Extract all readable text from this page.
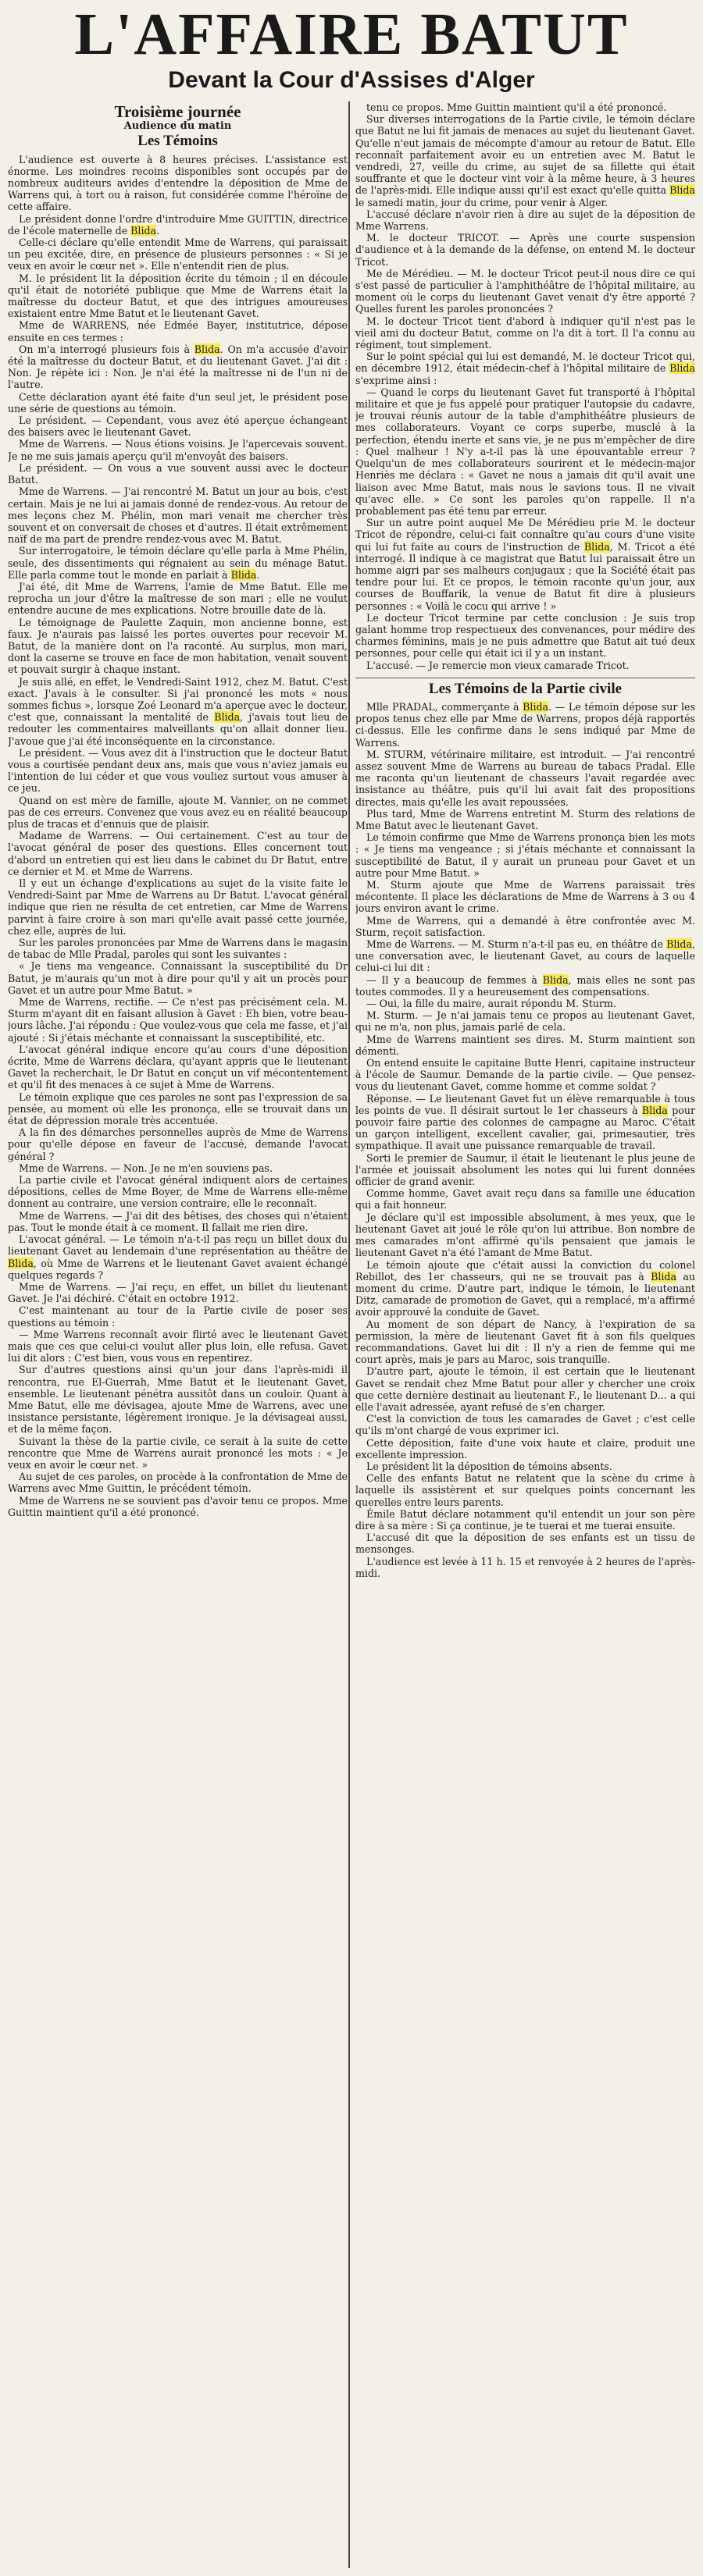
L'AFFAIRE BATUT
Devant la Cour d'Assises d'Alger
Troisième journée
Audience du matin
Les Témoins

L'audience est ouverte à 8 heures précises. L'assistance est énorme. Les moindres recoins disponibles sont occupés par de nombreux auditeurs avides d'entendre la déposition de Mme de Warrens qui, à tort ou à raison, fut considérée comme l'héroïne de cette affaire.

Le président donne l'ordre d'introduire Mme GUITTIN, directrice de l'école maternelle de Blida.

Celle-ci déclare qu'elle entendit Mme de Warrens, qui paraissait un peu excitée, dire, en présence de plusieurs personnes : « Si je veux en avoir le cœur net ». Elle n'entendit rien de plus.

M. le président lit la déposition écrite du témoin ; il en découle qu'il était de notoriété publique que Mme de Warrens était la maîtresse du docteur Batut, et que des intrigues amoureuses existaient entre Mme Batut et le lieutenant Gavet.

Mme de WARRENS, née Edmée Bayer, institutrice, dépose ensuite en ces termes :

On m'a interrogé plusieurs fois à Blida. On m'a accusée d'avoir été la maîtresse du docteur Batut, et du lieutenant Gavet. J'ai dit : Non. Je répète ici : Non. Je n'ai été la maîtresse ni de l'un ni de l'autre.

Cette déclaration ayant été faite d'un seul jet, le président pose une série de questions au témoin.

Le président. — Cependant, vous avez été aperçue échangeant des baisers avec le lieutenant Gavet.

Mme de Warrens. — Nous étions voisins. Je l'apercevais souvent. Je ne me suis jamais aperçu qu'il m'envoyât des baisers.

Le président. — On vous a vue souvent aussi avec le docteur Batut.

Mme de Warrens. — J'ai rencontré M. Batut un jour au bois, c'est certain. Mais je ne lui ai jamais donné de rendez-vous. Au retour de mes leçons chez M. Phélin, mon mari venait me chercher très souvent et on conversait de choses et d'autres. Il était extrêmement naïf de ma part de prendre rendez-vous avec M. Batut.

Sur interrogatoire, le témoin déclare qu'elle parla à Mme Phélin, seule, des dissentiments qui régnaient au sein du ménage Batut. Elle parla comme tout le monde en parlait à Blida.

J'ai été, dit Mme de Warrens, l'amie de Mme Batut. Elle me reprocha un jour d'être la maîtresse de son mari ; elle ne voulut entendre aucune de mes explications. Notre brouille date de là.

Le témoignage de Paulette Zaquin, mon ancienne bonne, est faux. Je n'aurais pas laissé les portes ouvertes pour recevoir M. Batut, de la manière dont on l'a raconté. Au surplus, mon mari, dont la caserne se trouve en face de mon habitation, venait souvent et pouvait surgir à chaque instant.

Je suis allé, en effet, le Vendredi-Saint 1912, chez M. Batut. C'est exact. J'avais à le consulter. Si j'ai prononcé les mots « nous sommes fichus », lorsque Zoé Leonard m'a aperçue avec le docteur, c'est que, connaissant la mentalité de Blida, j'avais tout lieu de redouter les commentaires malveillants qu'on allait donner lieu. J'avoue que j'ai été inconséquente en la circonstance.

Le président. — Vous avez dit à l'instruction que le docteur Batut vous a courtisée pendant deux ans, mais que vous n'aviez jamais eu l'intention de lui céder et que vous vouliez surtout vous amuser à ce jeu.

Quand on est mère de famille, ajoute M. Vannier, on ne commet pas de ces erreurs. Convenez que vous avez eu en réalité beaucoup plus de tracas et d'ennuis que de plaisir.

Madame de Warrens. — Oui certainement. C'est au tour de l'avocat général de poser des questions. Elles concernent tout d'abord un entretien qui est lieu dans le cabinet du Dr Batut, entre ce dernier et M. et Mme de Warrens.

Il y eut un échange d'explications au sujet de la visite faite le Vendredi-Saint par Mme de Warrens au Dr Batut. L'avocat général indique que rien ne résulta de cet entretien, car Mme de Warrens parvint à faire croire à son mari qu'elle avait passé cette journée, chez elle, auprès de lui.

Sur les paroles prononcées par Mme de Warrens dans le magasin de tabac de Mlle Pradal, paroles qui sont les suivantes :

« Je tiens ma vengeance. Connaissant la susceptibilité du Dr Batut, je m'aurais qu'un mot à dire pour qu'il y ait un procès pour Gavet et un autre pour Mme Batut. »

Mme de Warrens, rectifie. — Ce n'est pas précisément cela. M. Sturm m'ayant dit en faisant allusion à Gavet : Eh bien, votre beau-jours lâche. J'ai répondu : Que voulez-vous que cela me fasse, et j'ai ajouté : Si j'étais méchante et connaissant la susceptibilité, etc.

L'avocat général indique encore qu'au cours d'une déposition écrite, Mme de Warrens déclara, qu'ayant appris que le lieutenant Gavet la recherchait, le Dr Batut en conçut un vif mécontentement et qu'il fit des menaces à ce sujet à Mme de Warrens.

Le témoin explique que ces paroles ne sont pas l'expression de sa pensée, au moment où elle les prononça, elle se trouvait dans un état de dépression morale très accentuée.

A la fin des démarches personnelles auprès de Mme de Warrens pour qu'elle dépose en faveur de l'accusé, demande l'avocat général ?

Mme de Warrens. — Non. Je ne m'en souviens pas.

La partie civile et l'avocat général indiquent alors de certaines dépositions, celles de Mme Boyer, de Mme de Warrens elle-même donnent au contraire, une version contraire, elle le reconnaît.

Mme de Warrens. — J'ai dit des bêtises, des choses qui n'étaient pas. Tout le monde était à ce moment. Il fallait me rien dire.

L'avocat général. — Le témoin n'a-t-il pas reçu un billet doux du lieutenant Gavet au lendemain d'une représentation au théâtre de Blida, où Mme de Warrens et le lieutenant Gavet avaient échangé quelques regards ?

Mme de Warrens. — J'ai reçu, en effet, un billet du lieutenant Gavet. Je l'ai déchiré. C'était en octobre 1912.

C'est maintenant au tour de la Partie civile de poser ses questions au témoin :

— Mme Warrens reconnaît avoir flirté avec le lieutenant Gavet mais que ces que celui-ci voulut aller plus loin, elle refusa. Gavet lui dit alors : C'est bien, vous vous en repentirez.

Sur d'autres questions ainsi qu'un jour dans l'après-midi il rencontra, rue El-Guerrah, Mme Batut et le lieutenant Gavet, ensemble. Le lieutenant pénétra aussitôt dans un couloir. Quant à Mme Batut, elle me dévisagea, ajoute Mme de Warrens, avec une insistance persistante, légèrement ironique. Je la dévisageai aussi, et de la même façon.

Suivant la thèse de la partie civile, ce serait à la suite de cette rencontre que Mme de Warrens aurait prononcé les mots : « Je veux en avoir le cœur net. »

Au sujet de ces paroles, on procède à la confrontation de Mme de Warrens avec Mme Guittin, le précédent témoin.

Mme de Warrens ne se souvient pas d'avoir tenu ce propos. Mme Guittin maintient qu'il a été prononcé.

tenu ce propos. Mme Guittin maintient qu'il a été prononcé.

Sur diverses interrogations de la Partie civile, le témoin déclare que Batut ne lui fit jamais de menaces au sujet du lieutenant Gavet. Qu'elle n'eut jamais de mécompte d'amour au retour de Batut. Elle reconnaît parfaitement avoir eu un entretien avec M. Batut le vendredi, 27, veille du crime, au sujet de sa fillette qui était souffrante et que le docteur vint voir à la même heure, à 3 heures de l'après-midi. Elle indique aussi qu'il est exact qu'elle quitta Blida le samedi matin, jour du crime, pour venir à Alger.

L'accusé déclare n'avoir rien à dire au sujet de la déposition de Mme Warrens.

M. le docteur TRICOT. — Après une courte suspension d'audience et à la demande de la défense, on entend M. le docteur Tricot.

Me de Mérédieu. — M. le docteur Tricot peut-il nous dire ce qui s'est passé de particulier à l'amphithéâtre de l'hôpital militaire, au moment où le corps du lieutenant Gavet venait d'y être apporté ? Quelles furent les paroles prononcées ?

M. le docteur Tricot tient d'abord à indiquer qu'il n'est pas le vieil ami du docteur Batut, comme on l'a dit à tort. Il l'a connu au régiment, tout simplement.

Sur le point spécial qui lui est demandé, M. le docteur Tricot qui, en décembre 1912, était médecin-chef à l'hôpital militaire de Blida s'exprime ainsi :

— Quand le corps du lieutenant Gavet fut transporté à l'hôpital militaire et que je fus appelé pour pratiquer l'autopsie du cadavre, je trouvai réunis autour de la table d'amphithéâtre plusieurs de mes collaborateurs. Voyant ce corps superbe, musclé à la perfection, étendu inerte et sans vie, je ne pus m'empêcher de dire : Quel malheur ! N'y a-t-il pas là une épouvantable erreur ? Quelqu'un de mes collaborateurs sourirent et le médecin-major Henriès me déclara : « Gavet ne nous a jamais dit qu'il avait une liaison avec Mme Batut, mais nous le savions tous. Il ne vivait qu'avec elle. » Ce sont les paroles qu'on rappelle. Il n'a probablement pas été tenu par erreur.

Sur un autre point auquel Me De Mérédieu prie M. le docteur Tricot de répondre, celui-ci fait connaître qu'au cours d'une visite qui lui fut faite au cours de l'instruction de Blida, M. Tricot a été interrogé. Il indique à ce magistrat que Batut lui paraissait être un homme aigri par ses malheurs conjugaux ; que la Société était pas tendre pour lui. Et ce propos, le témoin raconte qu'un jour, aux courses de Bouffarik, la venue de Batut fit dire à plusieurs personnes : « Voilà le cocu qui arrive ! »

Le docteur Tricot termine par cette conclusion : Je suis trop galant homme trop respectueux des convenances, pour médire des charmes féminins, mais je ne puis admettre que Batut ait tué deux personnes, pour celle qui était ici il y a un instant.

L'accusé. — Je remercie mon vieux camarade Tricot.

Les Témoins de la Partie civile

Mlle PRADAL, commerçante à Blida. — Le témoin dépose sur les propos tenus chez elle par Mme de Warrens, propos déjà rapportés ci-dessus. Elle les confirme dans le sens indiqué par Mme de Warrens.

M. STURM, vétérinaire militaire, est introduit. — J'ai rencontré assez souvent Mme de Warrens au bureau de tabacs Pradal. Elle me raconta qu'un lieutenant de chasseurs l'avait regardée avec insistance au théâtre, puis qu'il lui avait fait des propositions directes, mais qu'elle les avait repoussées.

Plus tard, Mme de Warrens entretint M. Sturm des relations de Mme Batut avec le lieutenant Gavet.

Le témoin confirme que Mme de Warrens prononça bien les mots : « Je tiens ma vengeance ; si j'étais méchante et connaissant la susceptibilité de Batut, il y aurait un pruneau pour Gavet et un autre pour Mme Batut. »

M. Sturm ajoute que Mme de Warrens paraissait très mécontente. Il place les déclarations de Mme de Warrens à 3 ou 4 jours environ avant le crime.

Mme de Warrens, qui a demandé à être confrontée avec M. Sturm, reçoit satisfaction.

Mme de Warrens. — M. Sturm n'a-t-il pas eu, en théâtre de Blida, une conversation avec, le lieutenant Gavet, au cours de laquelle celui-ci lui dit :

— Il y a beaucoup de femmes à Blida, mais elles ne sont pas toutes commodes. Il y a heureusement des compensations.

— Oui, la fille du maire, aurait répondu M. Sturm.

M. Sturm. — Je n'ai jamais tenu ce propos au lieutenant Gavet, qui ne m'a, non plus, jamais parlé de cela.

Mme de Warrens maintient ses dires. M. Sturm maintient son démenti.

On entend ensuite le capitaine Butte Henri, capitaine instructeur à l'école de Saumur. Demande de la partie civile. — Que pensez-vous du lieutenant Gavet, comme homme et comme soldat ?

Réponse. — Le lieutenant Gavet fut un élève remarquable à tous les points de vue. Il désirait surtout le 1er chasseurs à Blida pour pouvoir faire partie des colonnes de campagne au Maroc. C'était un garçon intelligent, excellent cavalier, gai, primesautier, très sympathique. Il avait une puissance remarquable de travail.

Sorti le premier de Saumur, il était le lieutenant le plus jeune de l'armée et jouissait absolument les notes qui lui furent données officier de grand avenir.

Comme homme, Gavet avait reçu dans sa famille une éducation qui a fait honneur.

Je déclare qu'il est impossible absolument, à mes yeux, que le lieutenant Gavet ait joué le rôle qu'on lui attribue. Bon nombre de mes camarades m'ont affirmé qu'ils pensaient que jamais le lieutenant Gavet n'a été l'amant de Mme Batut.

Le témoin ajoute que c'était aussi la conviction du colonel Rebillot, des 1er chasseurs, qui ne se trouvait pas à Blida au moment du crime. D'autre part, indique le témoin, le lieutenant Ditz, camarade de promotion de Gavet, qui a remplacé, m'a affirmé avoir approuvé la conduite de Gavet.

Au moment de son départ de Nancy, à l'expiration de sa permission, la mère de lieutenant Gavet fit à son fils quelques recommandations. Gavet lui dit : Il n'y a rien de femme qui me court après, mais je pars au Maroc, sois tranquille.

D'autre part, ajoute le témoin, il est certain que le lieutenant Gavet se rendait chez Mme Batut pour aller y chercher une croix que cette dernière destinait au lieutenant F., le lieutenant D... a qui elle l'avait adressée, ayant refusé de s'en charger.

C'est la conviction de tous les camarades de Gavet ; c'est celle qu'ils m'ont chargé de vous exprimer ici.

Cette déposition, faite d'une voix haute et claire, produit une excellente impression.

Le président lit la déposition de témoins absents.

Celle des enfants Batut ne relatent que la scène du crime à laquelle ils assistèrent et sur quelques points concernant les querelles entre leurs parents.

Émile Batut déclare notamment qu'il entendit un jour son père dire à sa mère : Si ça continue, je te tuerai et me tuerai ensuite.

L'accusé dit que la déposition de ses enfants est un tissu de mensonges.

L'audience est levée à 11 h. 15 et renvoyée à 2 heures de l'après-midi.
